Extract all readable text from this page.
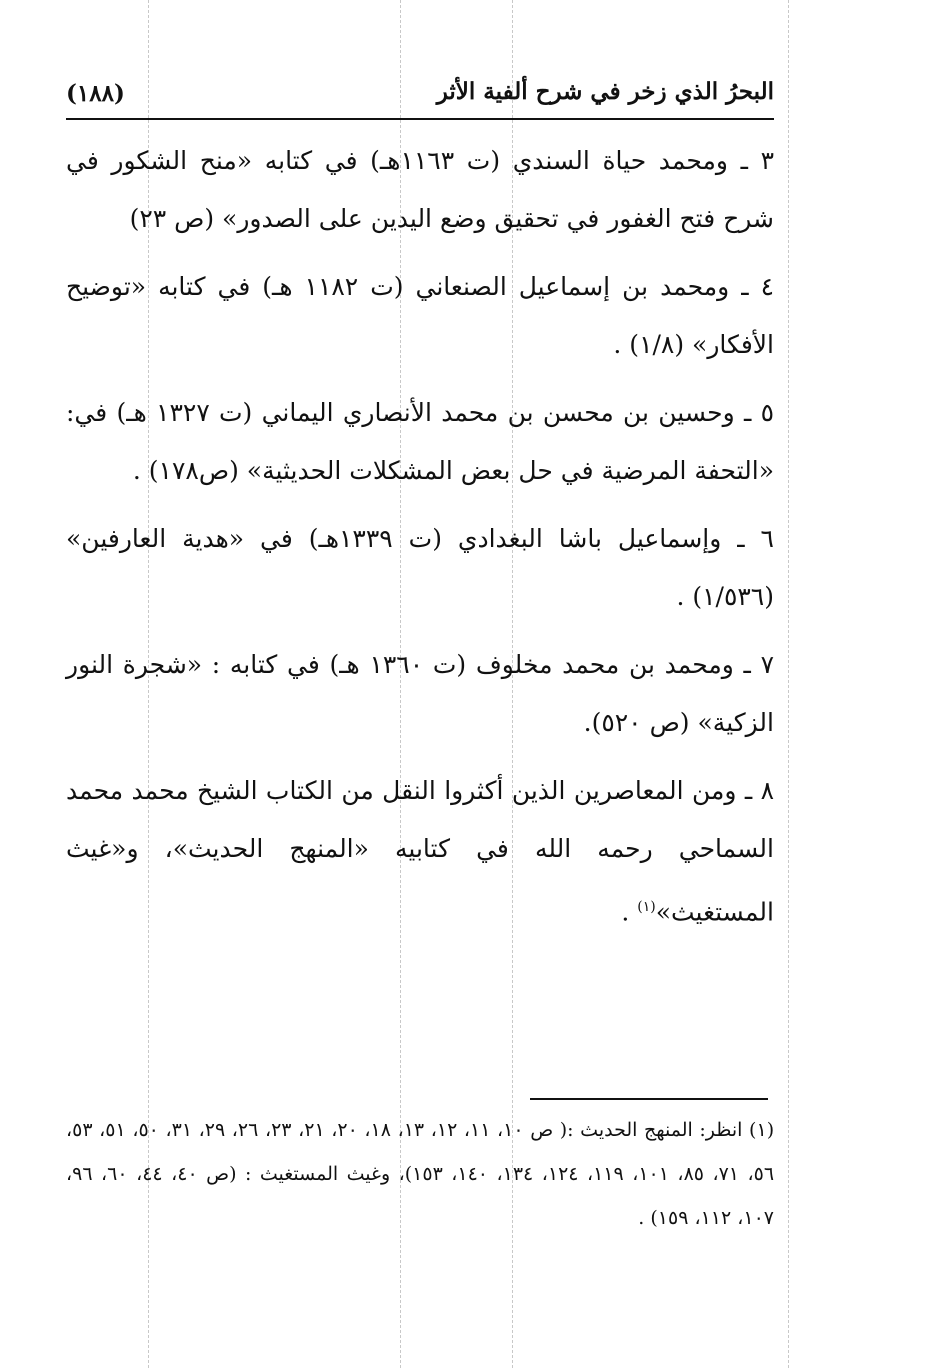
البحرُ الذي زخر في شرح ألفية الأثر
(١٨٨)

٣ ـ ومحمد حياة السندي (ت ١١٦٣هـ) في كتابه «منح الشكور في شرح فتح الغفور في تحقيق وضع اليدين على الصدور» (ص ٢٣)

٤ ـ ومحمد بن إسماعيل الصنعاني (ت ١١٨٢ هـ) في كتابه «توضيح الأفكار» (١/٨) .

٥ ـ وحسين بن محسن بن محمد الأنصاري اليماني (ت ١٣٢٧ هـ) في: «التحفة المرضية في حل بعض المشكلات الحديثية» (ص١٧٨) .

٦ ـ وإسماعيل باشا البغدادي (ت ١٣٣٩هـ) في «هدية العارفين» (١/٥٣٦) .

٧ ـ ومحمد بن محمد مخلوف (ت ١٣٦٠ هـ) في كتابه : «شجرة النور الزكية» (ص ٥٢٠).

٨ ـ ومن المعاصرين الذين أكثروا النقل من الكتاب الشيخ محمد محمد السماحي رحمه الله في كتابيه «المنهج الحديث»، و«غيث المستغيث»$^{(١)}$ .

(١) انظر: المنهج الحديث :( ص ١٠، ١١، ١٢، ١٣، ١٨، ٢٠، ٢١، ٢٣، ٢٦، ٢٩، ٣١، ٥٠، ٥١، ٥٣، ٥٦، ٧١، ٨٥، ١٠١، ١١٩، ١٢٤، ١٣٤، ١٤٠، ١٥٣)، وغيث المستغيث : (ص ٤٠، ٤٤، ٦٠، ٩٦، ١٠٧، ١١٢، ١٥٩) .
